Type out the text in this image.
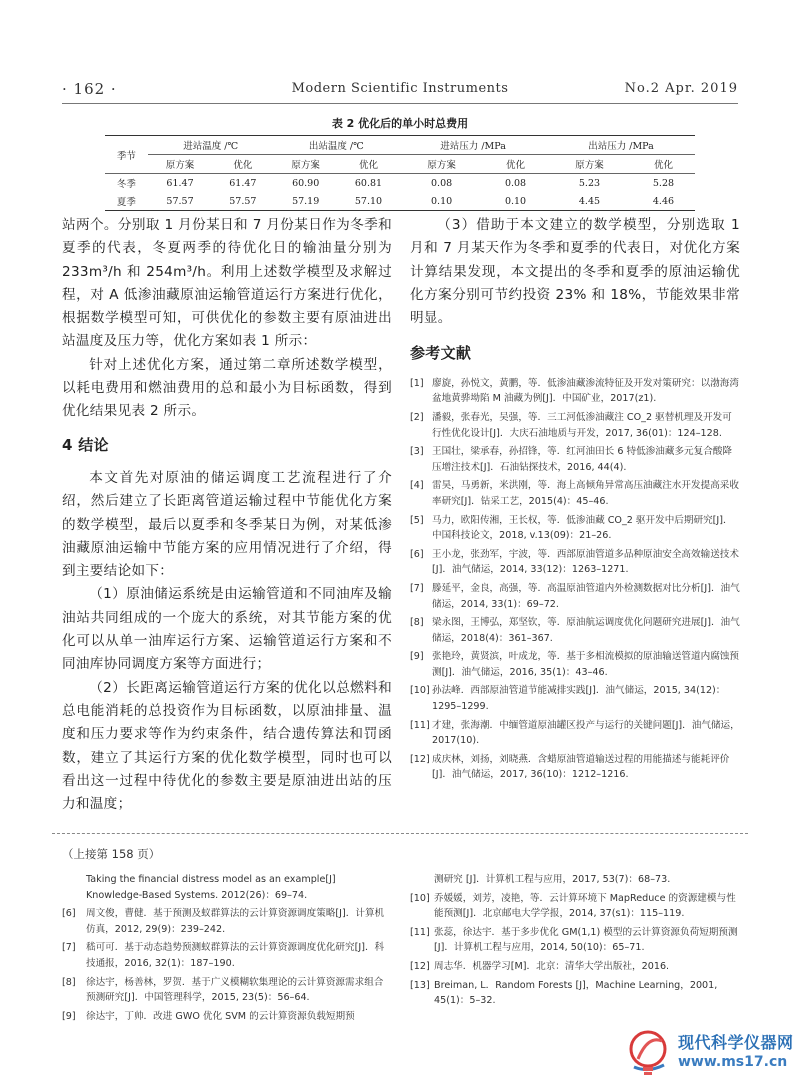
· 162 ·	Modern Scientific Instruments	No.2 Apr. 2019
表 2 优化后的单小时总费用
季节	进站温度 /℃		出站温度 /℃		进站压力 /MPa		出站压力 /MPa	
	原方案	优化	原方案	优化	原方案	优化	原方案	优化
冬季	61.47	61.47	60.90	60.81	0.08	0.08	5.23	5.28
夏季	57.57	57.57	57.19	57.10	0.10	0.10	4.45	4.46

站两个。分别取 1 月份某日和 7 月份某日作为冬季和夏季的代表，冬夏两季的待优化日的输油量分别为 233m³/h 和 254m³/h。利用上述数学模型及求解过程，对 A 低渗油藏原油运输管道运行方案进行优化，根据数学模型可知，可供优化的参数主要有原油进出站温度及压力等，优化方案如表 1 所示：

针对上述优化方案，通过第二章所述数学模型，以耗电费用和燃油费用的总和最小为目标函数，得到优化结果见表 2 所示。

4 结论

本文首先对原油的储运调度工艺流程进行了介绍，然后建立了长距离管道运输过程中节能优化方案的数学模型，最后以夏季和冬季某日为例，对某低渗油藏原油运输中节能方案的应用情况进行了介绍，得到主要结论如下：

（1）原油储运系统是由运输管道和不同油库及输油站共同组成的一个庞大的系统，对其节能方案的优化可以从单一油库运行方案、运输管道运行方案和不同油库协同调度方案等方面进行；

（2）长距离运输管道运行方案的优化以总燃料和总电能消耗的总投资作为目标函数，以原油排量、温度和压力要求等作为约束条件，结合遗传算法和罚函数，建立了其运行方案的优化数学模型，同时也可以看出这一过程中待优化的参数主要是原油进出站的压力和温度；

（3）借助于本文建立的数学模型，分别选取 1 月和 7 月某天作为冬季和夏季的代表日，对优化方案计算结果发现，本文提出的冬季和夏季的原油运输优化方案分别可节约投资 23% 和 18%，节能效果非常明显。

参考文献

[1] 廖旋，孙悦文，黄鹏，等．低渗油藏渗流特征及开发对策研究：以渤海湾盆地黄骅坳陷 M 油藏为例[J]．中国矿业，2017(z1).
[2] 潘毅，张春光，吴强，等．三工河低渗油藏注 CO_2 驱替机理及开发可行性优化设计[J]．大庆石油地质与开发，2017, 36(01)：124–128.
[3] 王国壮，梁承春，孙招锋，等．红河油田长 6 特低渗油藏多元复合酸降压增注技术[J]．石油钻探技术，2016, 44(4).
[4] 雷昊，马勇新，米洪刚，等．海上高倾角异常高压油藏注水开发提高采收率研究[J]．钻采工艺，2015(4)：45–46.
[5] 马力，欧阳传湘，王长权，等．低渗油藏 CO_2 驱开发中后期研究[J]．中国科技论文，2018, v.13(09)：21–26.
[6] 王小龙，张劲军，宇波，等．西部原油管道多品种原油安全高效输送技术[J]．油气储运，2014, 33(12)：1263–1271.
[7] 滕延平，金良，高强，等．高温原油管道内外检测数据对比分析[J]．油气储运，2014, 33(1)：69–72.
[8] 梁永图，王博弘，郑坚钦，等．原油航运调度优化问题研究进展[J]．油气储运，2018(4)：361–367.
[9] 张艳玲，黄贤滨，叶成龙，等．基于多相流模拟的原油输送管道内腐蚀预测[J]．油气储运，2016, 35(1)：43–46.
[10] 孙法峰．西部原油管道节能减排实践[J]．油气储运，2015, 34(12)：1295–1299.
[11] 才建，张海潮．中缅管道原油罐区投产与运行的关键问题[J]．油气储运，2017(10).
[12] 成庆林，刘扬，刘晓燕．含蜡原油管道输送过程的用能描述与能耗评价[J]．油气储运，2017, 36(10)：1212–1216.
（上接第 158 页）
Taking the financial distress model as an example[J] Knowledge-Based Systems. 2012(26)：69–74.
[6]	周文俊，曹健．基于预测及蚁群算法的云计算资源调度策略[J]．计算机仿真，2012, 29(9)：239–242.
[7]	嵇可可．基于动态趋势预测蚁群算法的云计算资源调度优化研究[J]．科技通报，2016, 32(1)：187–190.
[8]	徐达宇，杨善林，罗贺．基于广义模糊软集理论的云计算资源需求组合预测研究[J]．中国管理科学，2015, 23(5)：56–64.
[9]	徐达宇，丁帅．改进 GWO 优化 SVM 的云计算资源负载短期预
测研究 [J]．计算机工程与应用，2017, 53(7)：68–73.
[10] 乔媛媛，刘芳，凌艳，等．云计算环境下 MapReduce 的资源建模与性能预测[J]．北京邮电大学学报，2014, 37(s1)：115–119.
[11] 张蕊，徐达宇．基于多步优化 GM(1,1) 模型的云计算资源负荷短期预测[J]．计算机工程与应用，2014, 50(10)：65–71.
[12] 周志华．机器学习[M]．北京：清华大学出版社，2016.
[13] Breiman, L．Random Forests [J]，Machine Learning，2001, 45(1)：5–32.
现代科学仪器网
www.ms17.cn
